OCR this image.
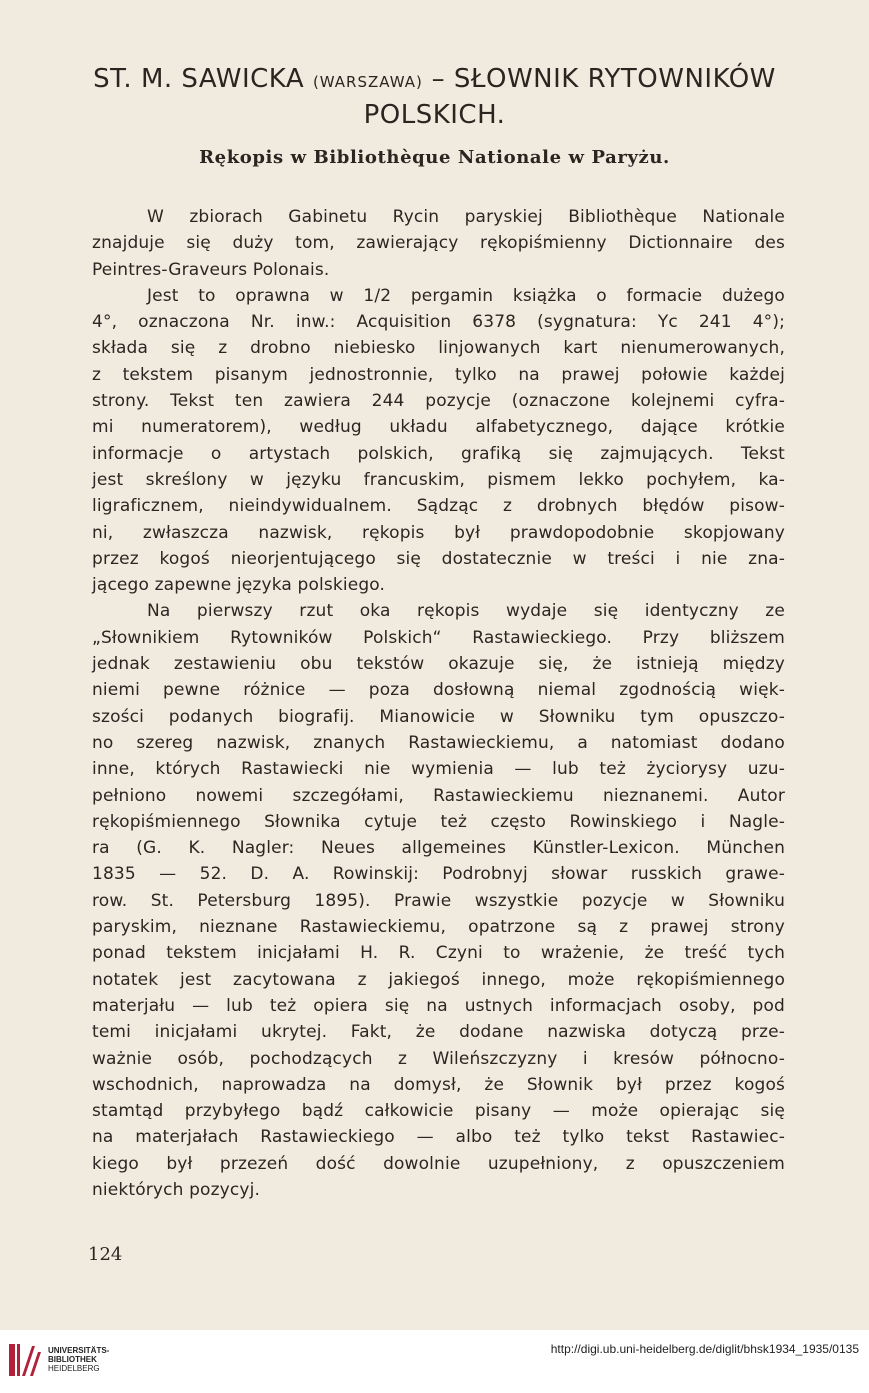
ST. M. SAWICKA (WARSZAWA) – SŁOWNIK RYTOWNIKÓW
POLSKICH.
Rękopis w Bibliothèque Nationale w Paryżu.
W zbiorach Gabinetu Rycin paryskiej Bibliothèque Nationale
znajduje się duży tom, zawierający rękopiśmienny Dictionnaire des
Peintres-Graveurs Polonais.
Jest to oprawna w 1/2 pergamin książka o formacie dużego
4°, oznaczona Nr. inw.: Acquisition 6378 (sygnatura: Yc 241 4°);
składa się z drobno niebiesko linjowanych kart nienumerowanych,
z tekstem pisanym jednostronnie, tylko na prawej połowie każdej
strony. Tekst ten zawiera 244 pozycje (oznaczone kolejnemi cyfra-
mi numeratorem), według układu alfabetycznego, dające krótkie
informacje o artystach polskich, grafiką się zajmujących. Tekst
jest skreślony w języku francuskim, pismem lekko pochyłem, ka-
ligraficznem, nieindywidualnem. Sądząc z drobnych błędów pisow-
ni, zwłaszcza nazwisk, rękopis był prawdopodobnie skopjowany
przez kogoś nieorjentującego się dostatecznie w treści i nie zna-
jącego zapewne języka polskiego.
Na pierwszy rzut oka rękopis wydaje się identyczny ze
„Słownikiem Rytowników Polskich“ Rastawieckiego. Przy bliższem
jednak zestawieniu obu tekstów okazuje się, że istnieją między
niemi pewne różnice — poza dosłowną niemal zgodnością więk-
szości podanych biografij. Mianowicie w Słowniku tym opuszczo-
no szereg nazwisk, znanych Rastawieckiemu, a natomiast dodano
inne, których Rastawiecki nie wymienia — lub też życiorysy uzu-
pełniono nowemi szczegółami, Rastawieckiemu nieznanemi. Autor
rękopiśmiennego Słownika cytuje też często Rowinskiego i Nagle-
ra (G. K. Nagler: Neues allgemeines Künstler-Lexicon. München
1835 — 52. D. A. Rowinskij: Podrobnyj słowar russkich grawe-
row. St. Petersburg 1895). Prawie wszystkie pozycje w Słowniku
paryskim, nieznane Rastawieckiemu, opatrzone są z prawej strony
ponad tekstem inicjałami H. R. Czyni to wrażenie, że treść tych
notatek jest zacytowana z jakiegoś innego, może rękopiśmiennego
materjału — lub też opiera się na ustnych informacjach osoby, pod
temi inicjałami ukrytej. Fakt, że dodane nazwiska dotyczą prze-
ważnie osób, pochodzących z Wileńszczyzny i kresów północno-
wschodnich, naprowadza na domysł, że Słownik był przez kogoś
stamtąd przybyłego bądź całkowicie pisany — może opierając się
na materjałach Rastawieckiego — albo też tylko tekst Rastawiec-
kiego był przezeń dość dowolnie uzupełniony, z opuszczeniem
niektórych pozycyj.
124
UNIVERSITÄTS-
BIBLIOTHEK
HEIDELBERG
http://digi.ub.uni-heidelberg.de/diglit/bhsk1934_1935/0135
